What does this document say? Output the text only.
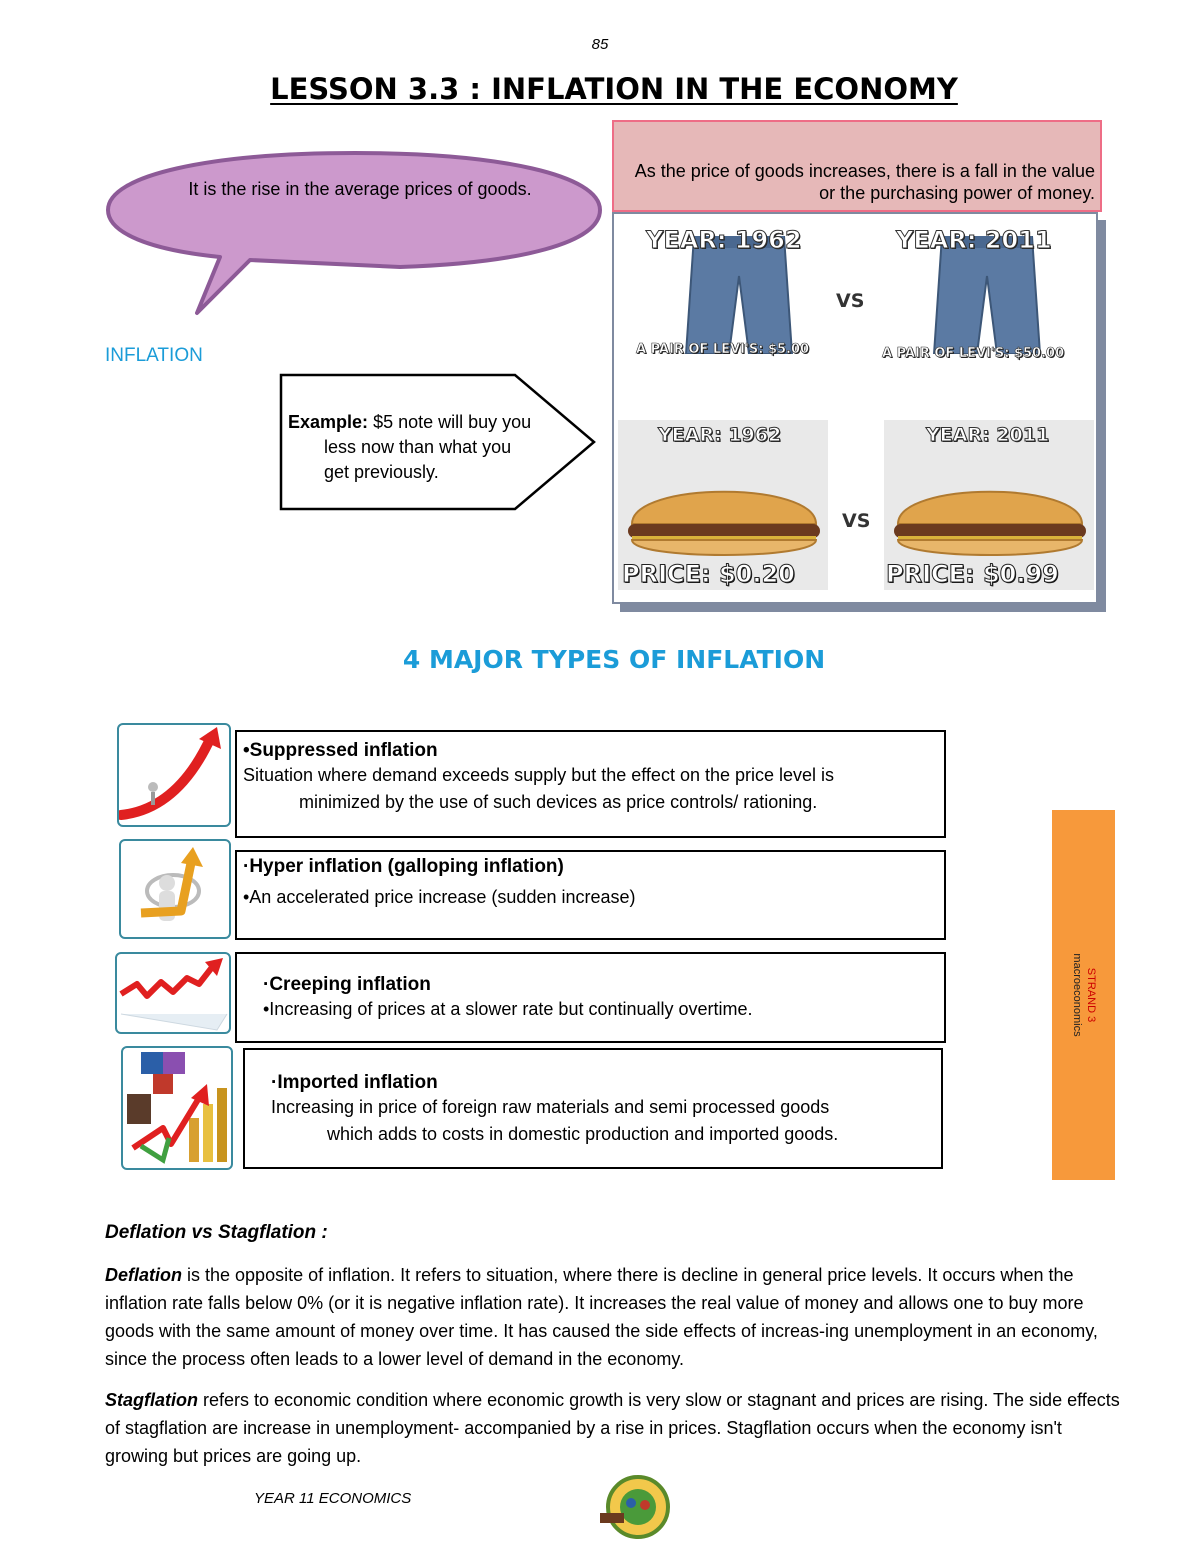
85
LESSON 3.3 : INFLATION IN THE ECONOMY
It is the rise in the average prices of goods.
INFLATION
Example: $5 note will buy you
less now than what you
get previously.
As the price of goods increases, there is a fall in the value or the purchasing power of money.
YEAR: 1962
A PAIR OF LEVI'S: $5.00
VS
YEAR: 2011
A PAIR OF LEVI'S: $50.00
YEAR: 1962	YEAR: 2011
VS
PRICE: $0.20	PRICE: $0.99
4 MAJOR TYPES OF INFLATION
•Suppressed inflation
Situation where demand exceeds supply but the effect on the price level is
minimized by the use of such devices as price controls/ rationing.
·Hyper inflation (galloping inflation)
•An accelerated price increase (sudden increase)
·Creeping inflation
•Increasing of prices at a slower rate but continually overtime.
·Imported inflation
Increasing in price of foreign raw materials and semi processed goods
which adds to costs in domestic production and imported goods.
STRAND 3
macroeconomics
Deflation vs Stagflation :
Deflation is the opposite of inflation. It refers to situation, where there is decline in general price levels. It occurs when the inflation rate falls below 0% (or it is negative inflation rate). It increases the real value of money and allows one to buy more goods with the same amount of money over time. It has caused the side effects of increas-ing unemployment in an economy, since the process often leads to a lower level of demand in the economy.
Stagflation refers to economic condition where economic growth is very slow or stagnant and prices are rising. The side effects of stagflation are increase in unemployment- accompanied by a rise in prices. Stagflation occurs when the economy isn't growing but prices are going up.
YEAR 11 ECONOMICS
